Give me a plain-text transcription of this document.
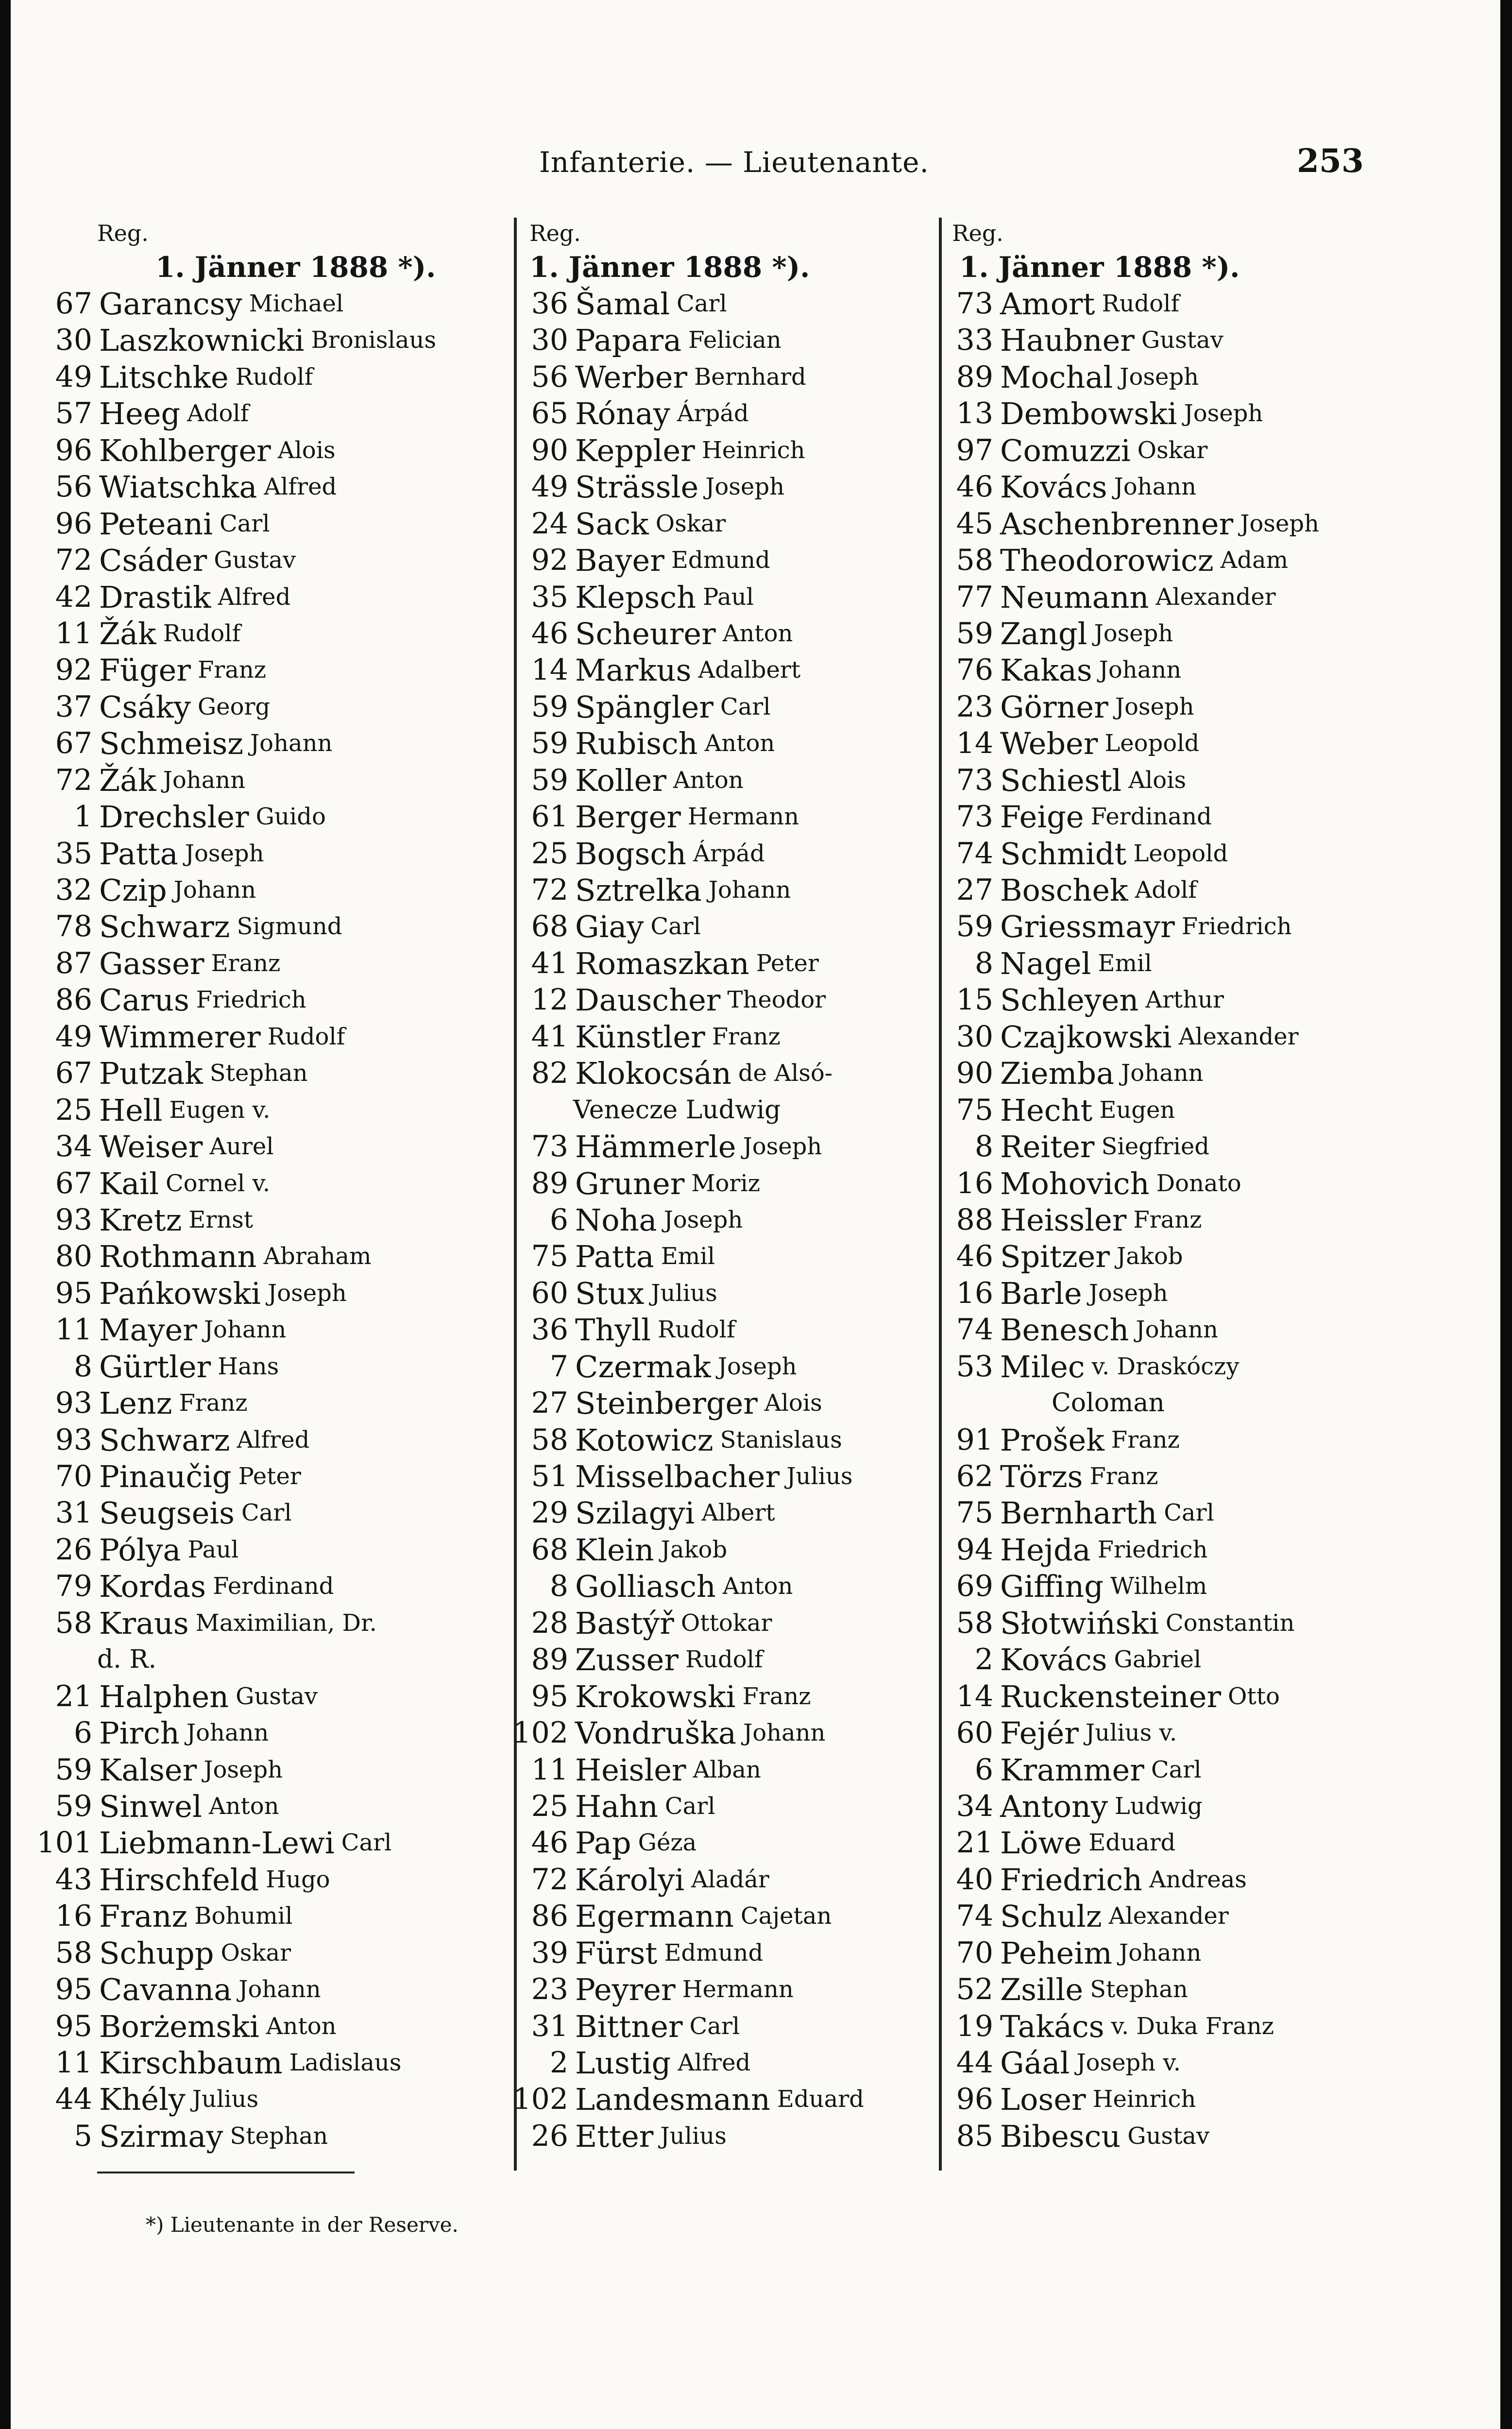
Infanterie. — Lieutenante.	253
Reg.
1. Jänner 1888 *).
67 Garancsy Michael
30 Laszkownicki Bronislaus
49 Litschke Rudolf
57 Heeg Adolf
96 Kohlberger Alois
56 Wiatschka Alfred
96 Peteani Carl
72 Csáder Gustav
42 Drastik Alfred
11 Žák Rudolf
92 Füger Franz
37 Csáky Georg
67 Schmeisz Johann
72 Žák Johann
1 Drechsler Guido
35 Patta Joseph
32 Czip Johann
78 Schwarz Sigmund
87 Gasser Eranz
86 Carus Friedrich
49 Wimmerer Rudolf
67 Putzak Stephan
25 Hell Eugen v.
34 Weiser Aurel
67 Kail Cornel v.
93 Kretz Ernst
80 Rothmann Abraham
95 Pańkowski Joseph
11 Mayer Johann
8 Gürtler Hans
93 Lenz Franz
93 Schwarz Alfred
70 Pinaučig Peter
31 Seugseis Carl
26 Pólya Paul
79 Kordas Ferdinand
58 Kraus Maximilian, Dr.
d. R.
21 Halphen Gustav
6 Pirch Johann
59 Kalser Joseph
59 Sinwel Anton
101 Liebmann-Lewi Carl
43 Hirschfeld Hugo
16 Franz Bohumil
58 Schupp Oskar
95 Cavanna Johann
95 Borżemski Anton
11 Kirschbaum Ladislaus
44 Khély Julius
5 Szirmay Stephan
Reg.
1. Jänner 1888 *).
36 Šamal Carl
30 Papara Felician
56 Werber Bernhard
65 Rónay Árpád
90 Keppler Heinrich
49 Strässle Joseph
24 Sack Oskar
92 Bayer Edmund
35 Klepsch Paul
46 Scheurer Anton
14 Markus Adalbert
59 Spängler Carl
59 Rubisch Anton
59 Koller Anton
61 Berger Hermann
25 Bogsch Árpád
72 Sztrelka Johann
68 Giay Carl
41 Romaszkan Peter
12 Dauscher Theodor
41 Künstler Franz
82 Klokocsán de Alsó-
Venecze Ludwig
73 Hämmerle Joseph
89 Gruner Moriz
6 Noha Joseph
75 Patta Emil
60 Stux Julius
36 Thyll Rudolf
7 Czermak Joseph
27 Steinberger Alois
58 Kotowicz Stanislaus
51 Misselbacher Julius
29 Szilagyi Albert
68 Klein Jakob
8 Golliasch Anton
28 Bastýř Ottokar
89 Zusser Rudolf
95 Krokowski Franz
102 Vondruška Johann
11 Heisler Alban
25 Hahn Carl
46 Pap Géza
72 Károlyi Aladár
86 Egermann Cajetan
39 Fürst Edmund
23 Peyrer Hermann
31 Bittner Carl
2 Lustig Alfred
102 Landesmann Eduard
26 Etter Julius
Reg.
1. Jänner 1888 *).
73 Amort Rudolf
33 Haubner Gustav
89 Mochal Joseph
13 Dembowski Joseph
97 Comuzzi Oskar
46 Kovács Johann
45 Aschenbrenner Joseph
58 Theodorowicz Adam
77 Neumann Alexander
59 Zangl Joseph
76 Kakas Johann
23 Görner Joseph
14 Weber Leopold
73 Schiestl Alois
73 Feige Ferdinand
74 Schmidt Leopold
27 Boschek Adolf
59 Griessmayr Friedrich
8 Nagel Emil
15 Schleyen Arthur
30 Czajkowski Alexander
90 Ziemba Johann
75 Hecht Eugen
8 Reiter Siegfried
16 Mohovich Donato
88 Heissler Franz
46 Spitzer Jakob
16 Barle Joseph
74 Benesch Johann
53 Milec v. Draskóczy
Coloman
91 Prošek Franz
62 Törzs Franz
75 Bernharth Carl
94 Hejda Friedrich
69 Giffing Wilhelm
58 Słotwiński Constantin
2 Kovács Gabriel
14 Ruckensteiner Otto
60 Fejér Julius v.
6 Krammer Carl
34 Antony Ludwig
21 Löwe Eduard
40 Friedrich Andreas
74 Schulz Alexander
70 Peheim Johann
52 Zsille Stephan
19 Takács v. Duka Franz
44 Gáal Joseph v.
96 Loser Heinrich
85 Bibescu Gustav
*) Lieutenante in der Reserve.
